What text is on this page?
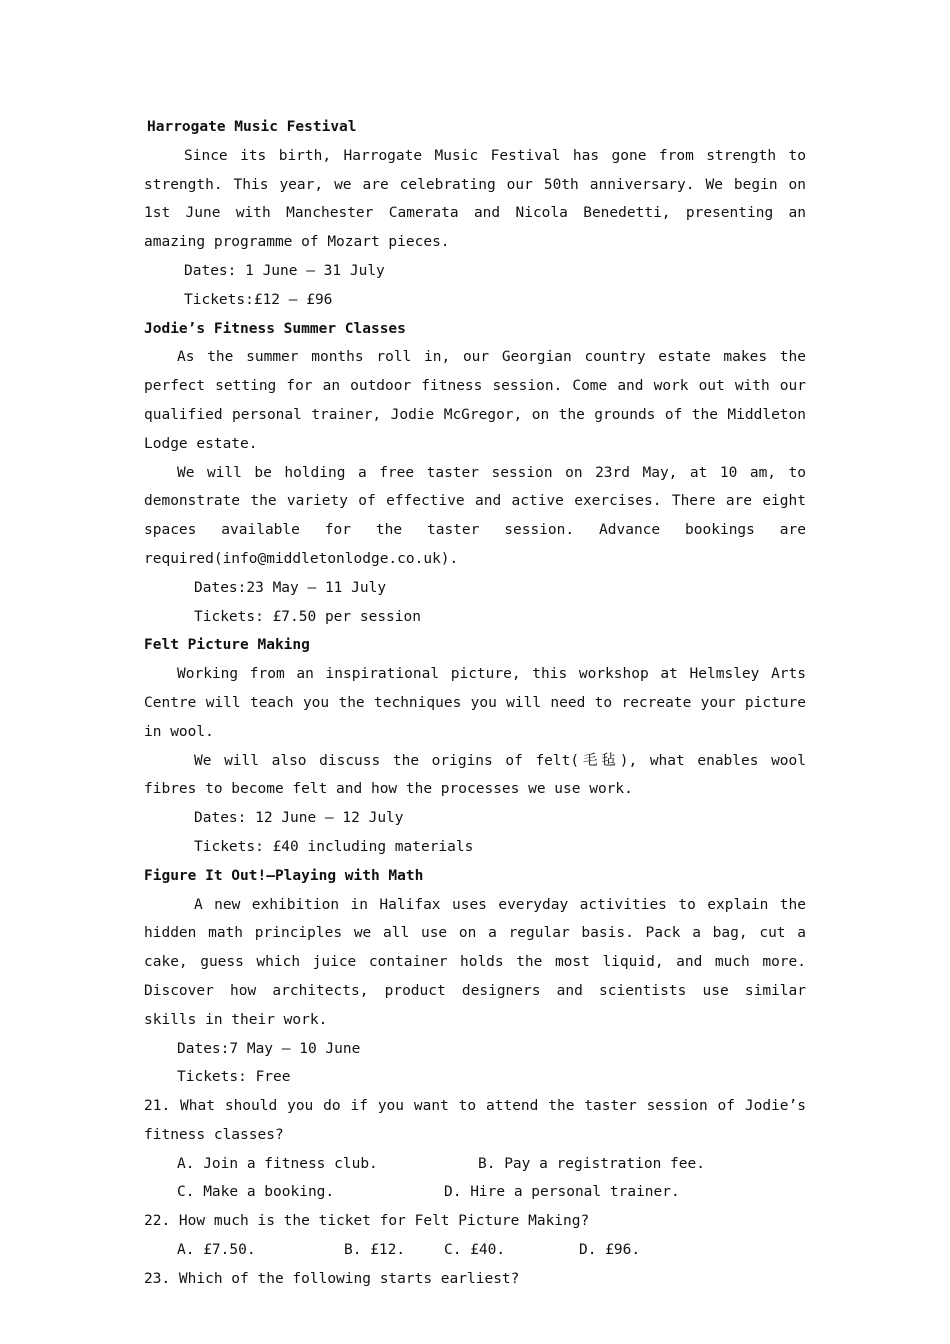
Harrogate Music Festival

Since its birth, Harrogate Music Festival has gone from strength to strength. This year, we are celebrating our 50th anniversary. We begin on 1st June with Manchester Camerata and Nicola Benedetti, presenting an amazing programme of Mozart pieces.

Dates: 1 June — 31 July

Tickets:£12 — £96

Jodie’s Fitness Summer Classes

As the summer months roll in, our Georgian country estate makes the perfect setting for an outdoor fitness session. Come and work out with our qualified personal trainer, Jodie McGregor, on the grounds of the Middleton Lodge estate.

We will be holding a free taster session on 23rd May, at 10 am, to demonstrate the variety of effective and active exercises. There are eight spaces available for the taster session. Advance bookings are required(info@middletonlodge.co.uk).

Dates:23 May — 11 July

Tickets: £7.50 per session

Felt Picture Making

Working from an inspirational picture, this workshop at Helmsley Arts Centre will teach you the techniques you will need to recreate your picture in wool.

We will also discuss the origins of felt(毛毡), what enables wool fibres to become felt and how the processes we use work.

Dates: 12 June — 12 July

Tickets: £40 including materials

Figure It Out!—Playing with Math

A new exhibition in Halifax uses everyday activities to explain the hidden math principles we all use on a regular basis. Pack a bag, cut a cake, guess which juice container holds the most liquid, and much more. Discover how architects, product designers and scientists use similar skills in their work.

Dates:7 May — 10 June

Tickets: Free

21. What should you do if you want to attend the taster session of Jodie’s fitness classes?

A. Join a fitness club.	B. Pay a registration fee.
C. Make a booking.	D. Hire a personal trainer.

22. How much is the ticket for Felt Picture Making?

A. £7.50.	B. £12.	C. £40.	D. £96.

23. Which of the following starts earliest?
